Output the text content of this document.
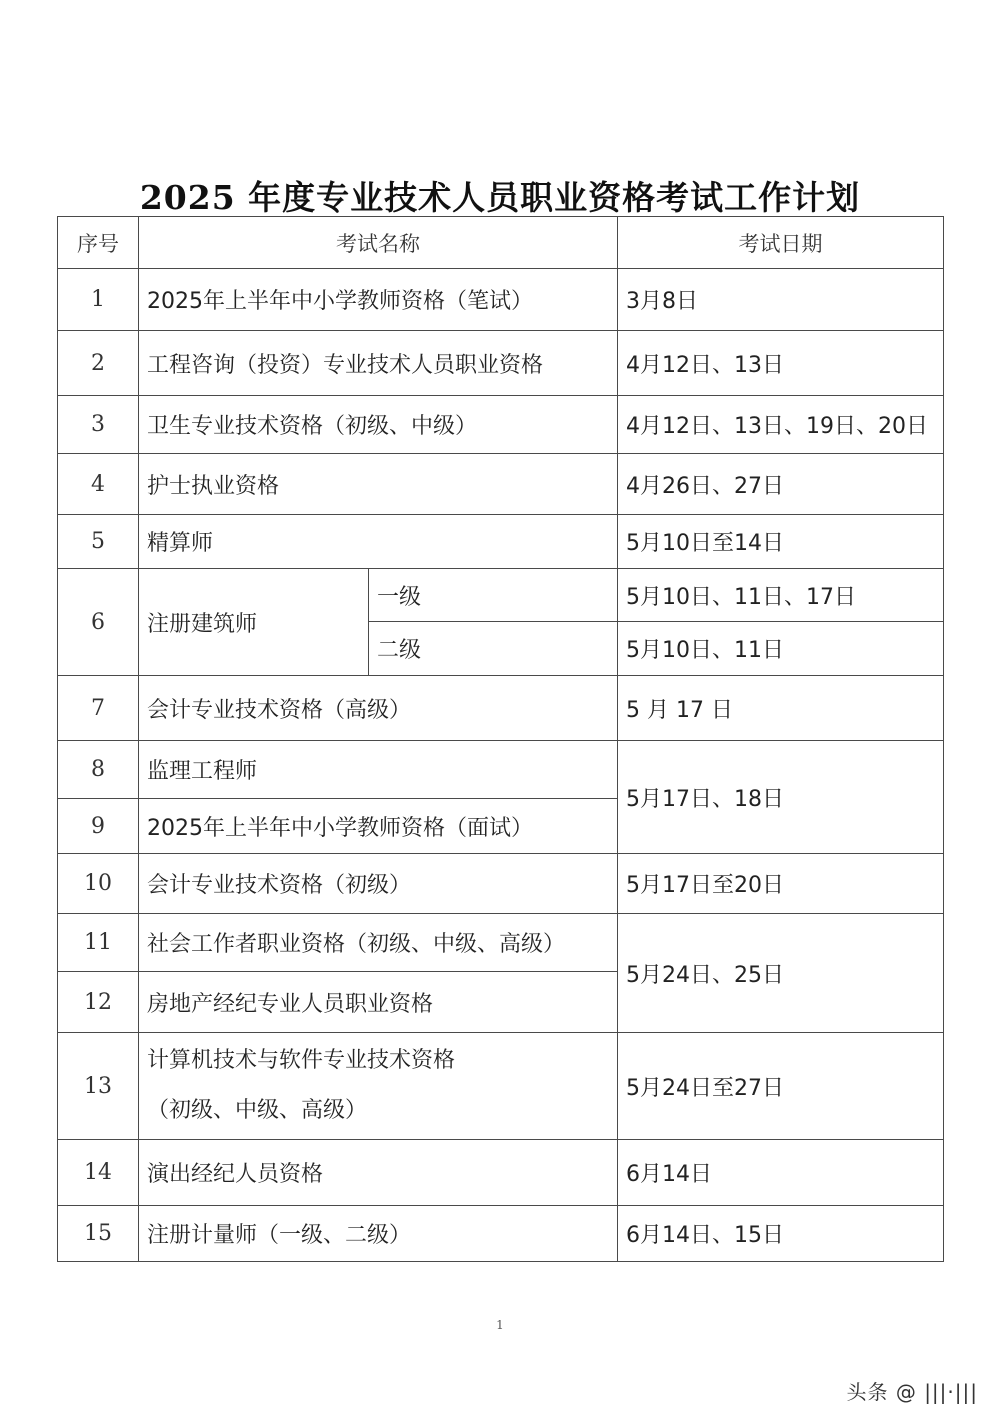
2025 年度专业技术人员职业资格考试工作计划
序号	考试名称		考试日期
1	2025年上半年中小学教师资格（笔试）		3月8日
2	工程咨询（投资）专业技术人员职业资格		4月12日、13日
3	卫生专业技术资格（初级、中级）		4月12日、13日、19日、20日
4	护士执业资格		4月26日、27日
5	精算师		5月10日至14日
6	注册建筑师	一级	5月10日、11日、17日
		二级	5月10日、11日
7	会计专业技术资格（高级）		5 月 17 日
8	监理工程师		5月17日、18日
9	2025年上半年中小学教师资格（面试）		
10	会计专业技术资格（初级）		5月17日至20日
11	社会工作者职业资格（初级、中级、高级）		5月24日、25日
12	房地产经纪专业人员职业资格		
13	计算机技术与软件专业技术资格
（初级、中级、高级）		5月24日至27日
14	演出经纪人员资格		6月14日
15	注册计量师（一级、二级）		6月14日、15日
1
头条 @ |||·|||
